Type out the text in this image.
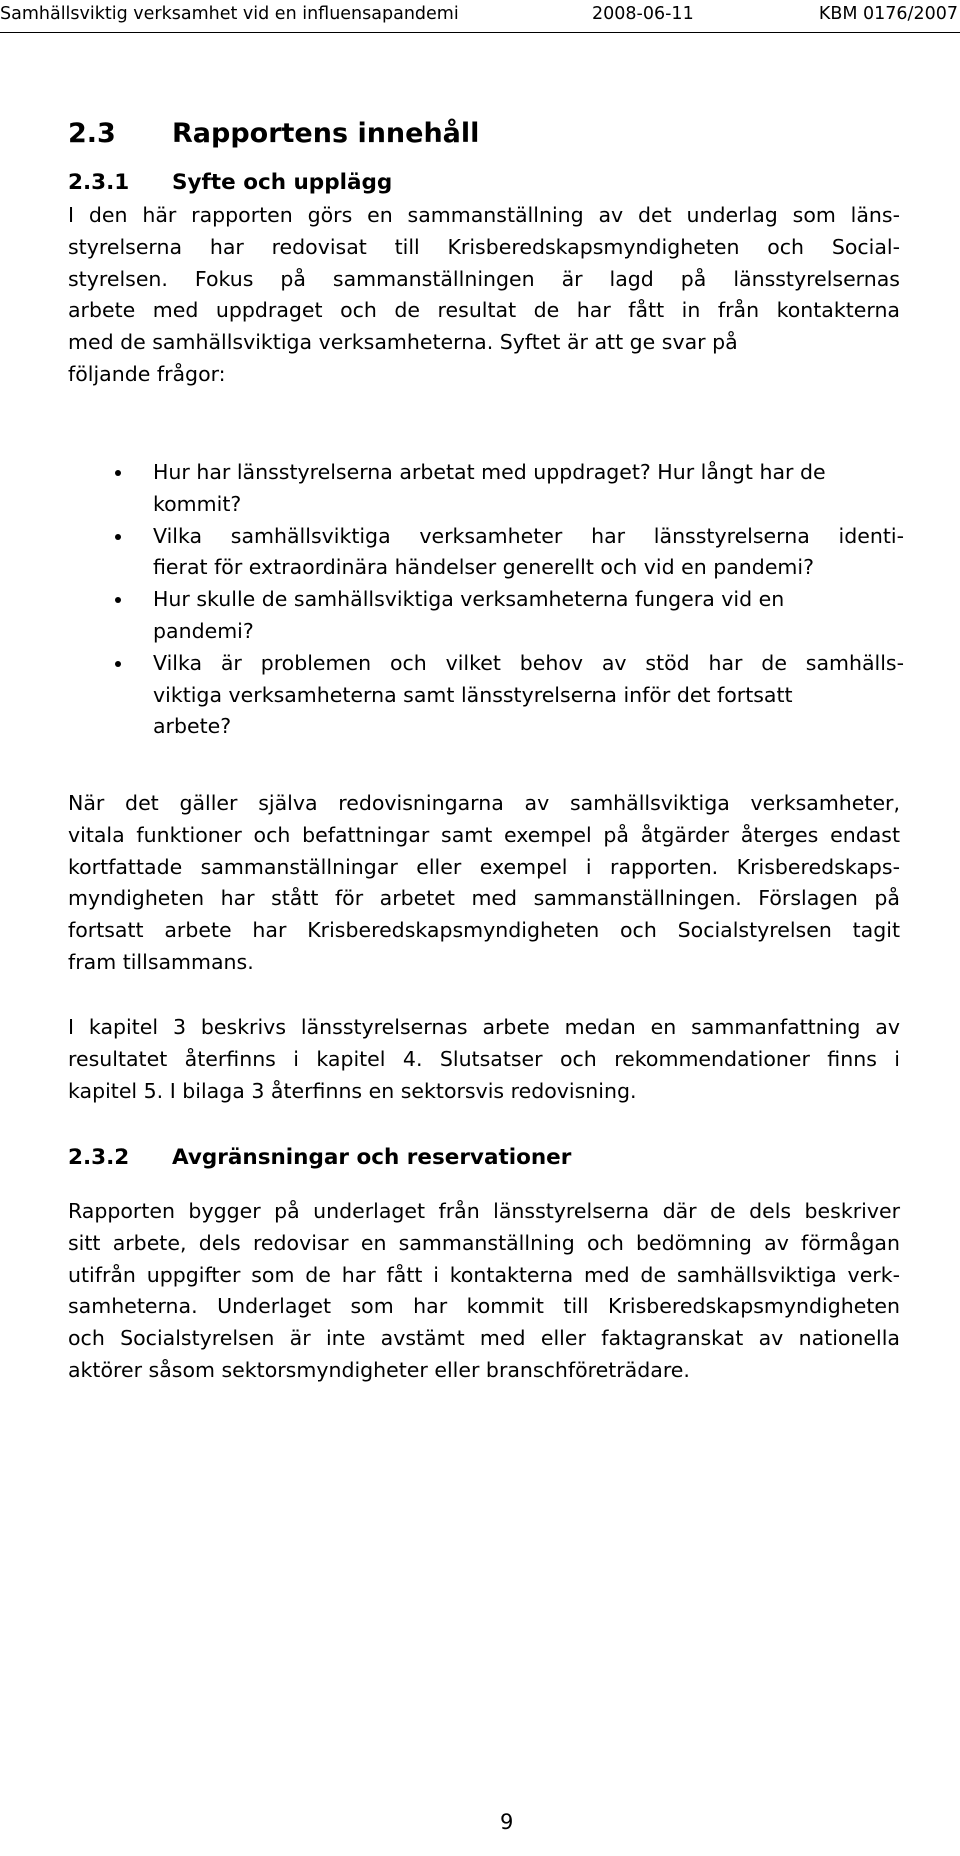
Samhällsviktig verksamhet vid en influensapandemi	2008-06-11	KBM 0176/2007
2.3 Rapportens innehåll
2.3.1 Syfte och upplägg

I den här rapporten görs en sammanställning av det underlag som läns-
styrelserna har redovisat till Krisberedskapsmyndigheten och Social-
styrelsen. Fokus på sammanställningen är lagd på länsstyrelsernas
arbete med uppdraget och de resultat de har fått in från kontakterna
med de samhällsviktiga verksamheterna. Syftet är att ge svar på
följande frågor:

Hur har länsstyrelserna arbetat med uppdraget? Hur långt har de
kommit?
Vilka samhällsviktiga verksamheter har länsstyrelserna identi-
fierat för extraordinära händelser generellt och vid en pandemi?
Hur skulle de samhällsviktiga verksamheterna fungera vid en
pandemi?
Vilka är problemen och vilket behov av stöd har de samhälls-
viktiga verksamheterna samt länsstyrelserna inför det fortsatt
arbete?

När det gäller själva redovisningarna av samhällsviktiga verksamheter,
vitala funktioner och befattningar samt exempel på åtgärder återges endast
kortfattade sammanställningar eller exempel i rapporten. Krisberedskaps-
myndigheten har stått för arbetet med sammanställningen. Förslagen på
fortsatt arbete har Krisberedskapsmyndigheten och Socialstyrelsen tagit
fram tillsammans.

I kapitel 3 beskrivs länsstyrelsernas arbete medan en sammanfattning av
resultatet återfinns i kapitel 4. Slutsatser och rekommendationer finns i
kapitel 5. I bilaga 3 återfinns en sektorsvis redovisning.

2.3.2 Avgränsningar och reservationer

Rapporten bygger på underlaget från länsstyrelserna där de dels beskriver
sitt arbete, dels redovisar en sammanställning och bedömning av förmågan
utifrån uppgifter som de har fått i kontakterna med de samhällsviktiga verk-
samheterna. Underlaget som har kommit till Krisberedskapsmyndigheten
och Socialstyrelsen är inte avstämt med eller faktagranskat av nationella
aktörer såsom sektorsmyndigheter eller branschföreträdare.

9
